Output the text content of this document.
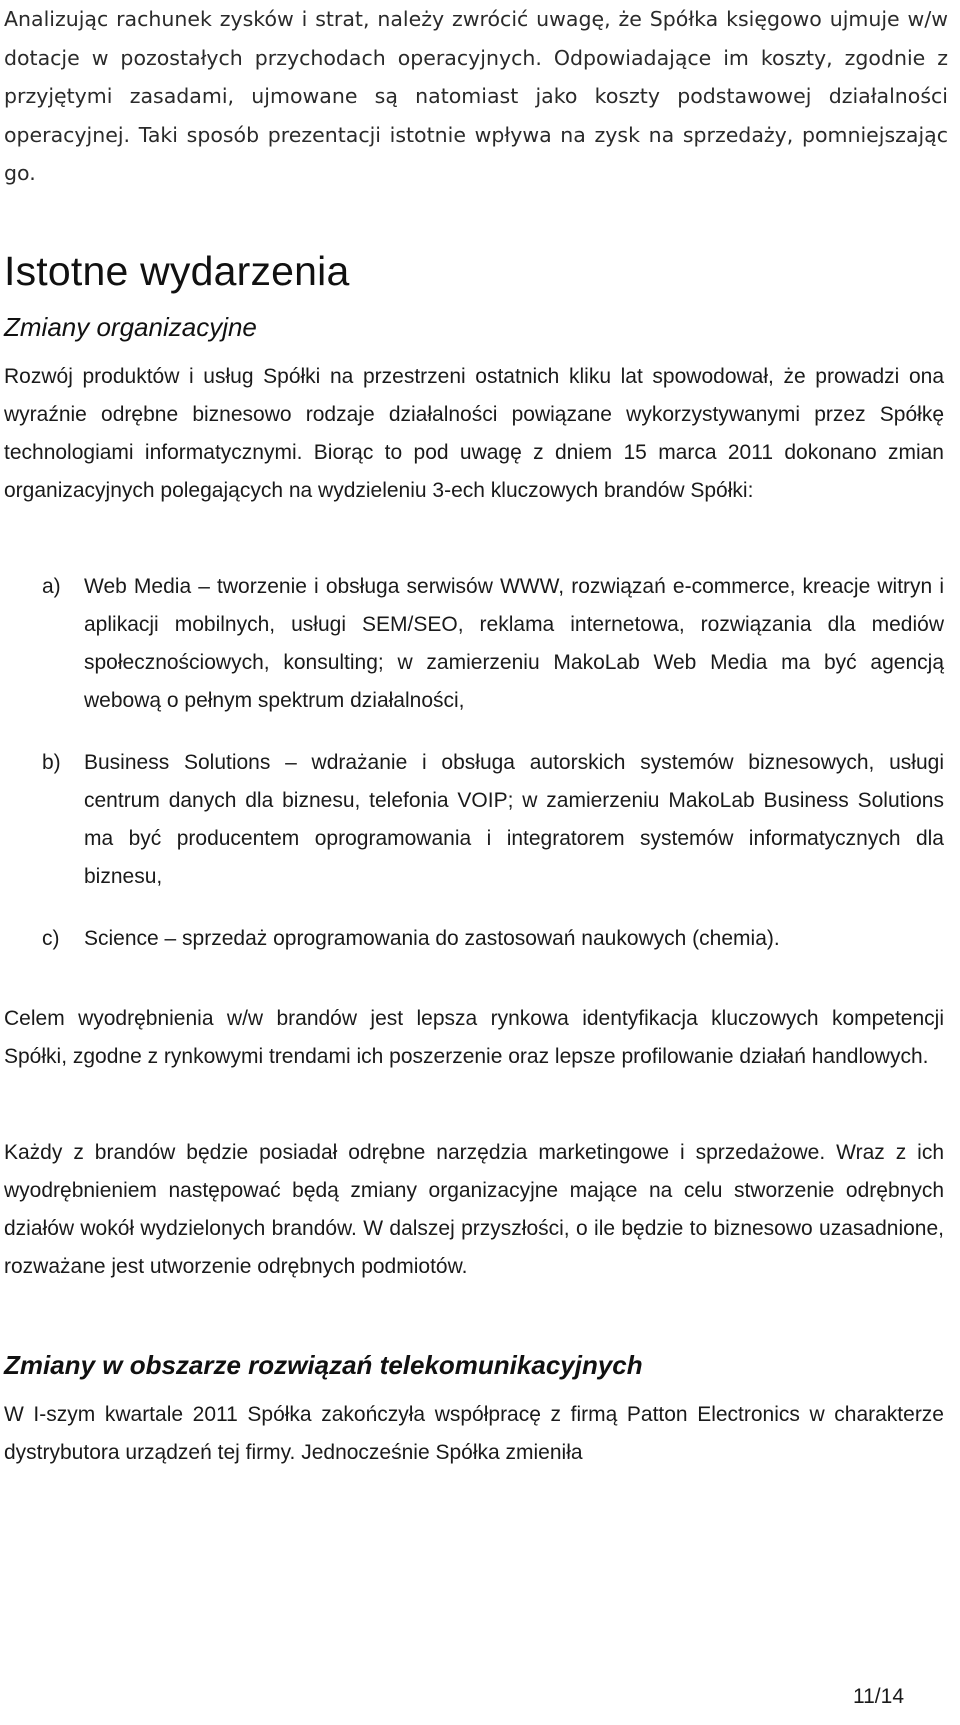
Analizując rachunek zysków i strat, należy zwrócić uwagę, że Spółka księgowo ujmuje w/w dotacje w pozostałych przychodach operacyjnych. Odpowiadające im koszty, zgodnie z przyjętymi zasadami, ujmowane są natomiast jako koszty podstawowej działalności operacyjnej. Taki sposób prezentacji istotnie wpływa na zysk na sprzedaży, pomniejszając go.

Istotne wydarzenia
Zmiany organizacyjne

Rozwój produktów i usług Spółki na przestrzeni ostatnich kliku lat spowodował, że prowadzi ona wyraźnie odrębne biznesowo rodzaje działalności powiązane wykorzystywanymi przez Spółkę technologiami informatycznymi. Biorąc to pod uwagę z dniem 15 marca 2011 dokonano zmian organizacyjnych polegających na wydzieleniu 3-ech kluczowych brandów Spółki:

a)	Web Media – tworzenie i obsługa serwisów WWW, rozwiązań e-commerce, kreacje witryn i aplikacji mobilnych, usługi SEM/SEO, reklama internetowa, rozwiązania dla mediów społecznościowych, konsulting; w zamierzeniu MakoLab Web Media ma być agencją webową o pełnym spektrum działalności,
b)	Business Solutions – wdrażanie i obsługa autorskich systemów biznesowych, usługi centrum danych dla biznesu, telefonia VOIP; w zamierzeniu MakoLab Business Solutions ma być producentem oprogramowania i integratorem systemów informatycznych dla biznesu,
c)	Science – sprzedaż oprogramowania do zastosowań naukowych (chemia).

Celem wyodrębnienia w/w brandów jest lepsza rynkowa identyfikacja kluczowych kompetencji Spółki, zgodne z rynkowymi trendami ich poszerzenie oraz lepsze profilowanie działań handlowych.

Każdy z brandów będzie posiadał odrębne narzędzia marketingowe i sprzedażowe. Wraz z ich wyodrębnieniem następować będą zmiany organizacyjne mające na celu stworzenie odrębnych działów wokół wydzielonych brandów. W dalszej przyszłości, o ile będzie to biznesowo uzasadnione, rozważane jest utworzenie odrębnych podmiotów.

Zmiany w obszarze rozwiązań telekomunikacyjnych

W I-szym kwartale 2011 Spółka zakończyła współpracę z firmą Patton Electronics w charakterze dystrybutora urządzeń tej firmy. Jednocześnie Spółka zmieniła

11/14
